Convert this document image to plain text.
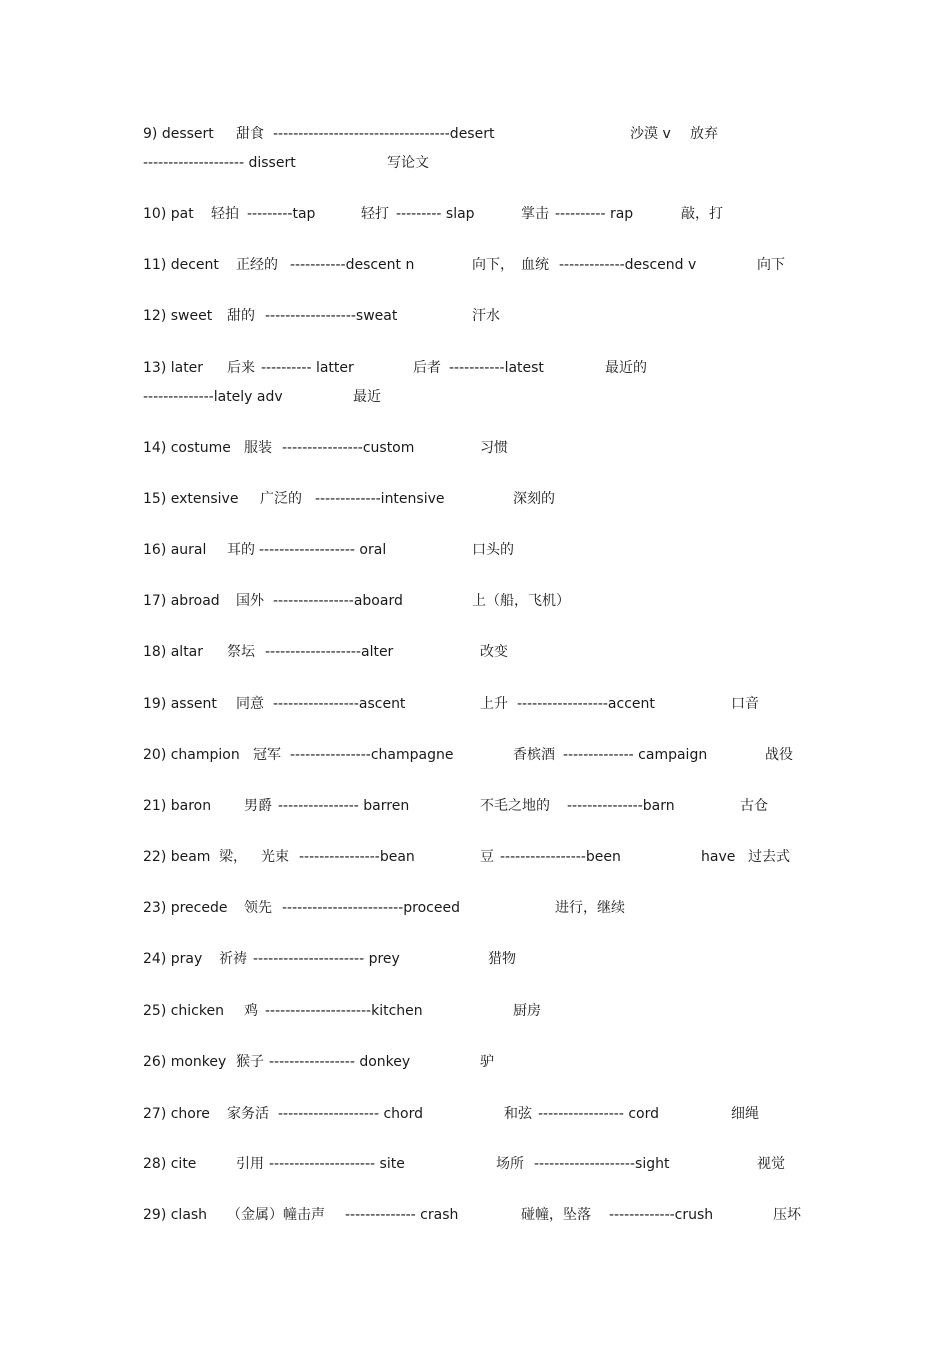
9) dessert 甜食 -----------------------------------desert	沙漠 v 放弃
-------------------- dissert	写论文
10) pat 轻拍 ---------tap	轻打 --------- slap	掌击 ---------- rap	敲，打
11) decent 正经的 -----------descent n	向下， 血统 -------------descend v	向下
12) sweet 甜的 ------------------sweat	汗水
13) later 后来 ---------- latter	后者 -----------latest	最近的
--------------lately adv	最近
14) costume 服装 ----------------custom	习惯
15) extensive 广泛的 -------------intensive	深刻的
16) aural 耳的 ------------------- oral	口头的
17) abroad 国外 ----------------aboard	上（船，飞机）
18) altar 祭坛 -------------------alter	改变
19) assent 同意 -----------------ascent	上升 ------------------accent	口音
20) champion 冠军 ----------------champagne	香槟酒 -------------- campaign	战役
21) baron 男爵 ---------------- barren	不毛之地的 ---------------barn	古仓
22) beam 梁， 光束 ----------------bean	豆 -----------------been	have 过去式
23) precede 领先 ------------------------proceed	进行，继续
24) pray 祈祷 ---------------------- prey	猎物
25) chicken 鸡 ---------------------kitchen	厨房
26) monkey 猴子 ----------------- donkey	驴
27) chore 家务活 -------------------- chord	和弦 ----------------- cord	细绳
28) cite	引用 --------------------- site	场所 --------------------sight	视觉
29) clash （金属）幢击声 -------------- crash	碰幢，坠落 -------------crush	压坏
